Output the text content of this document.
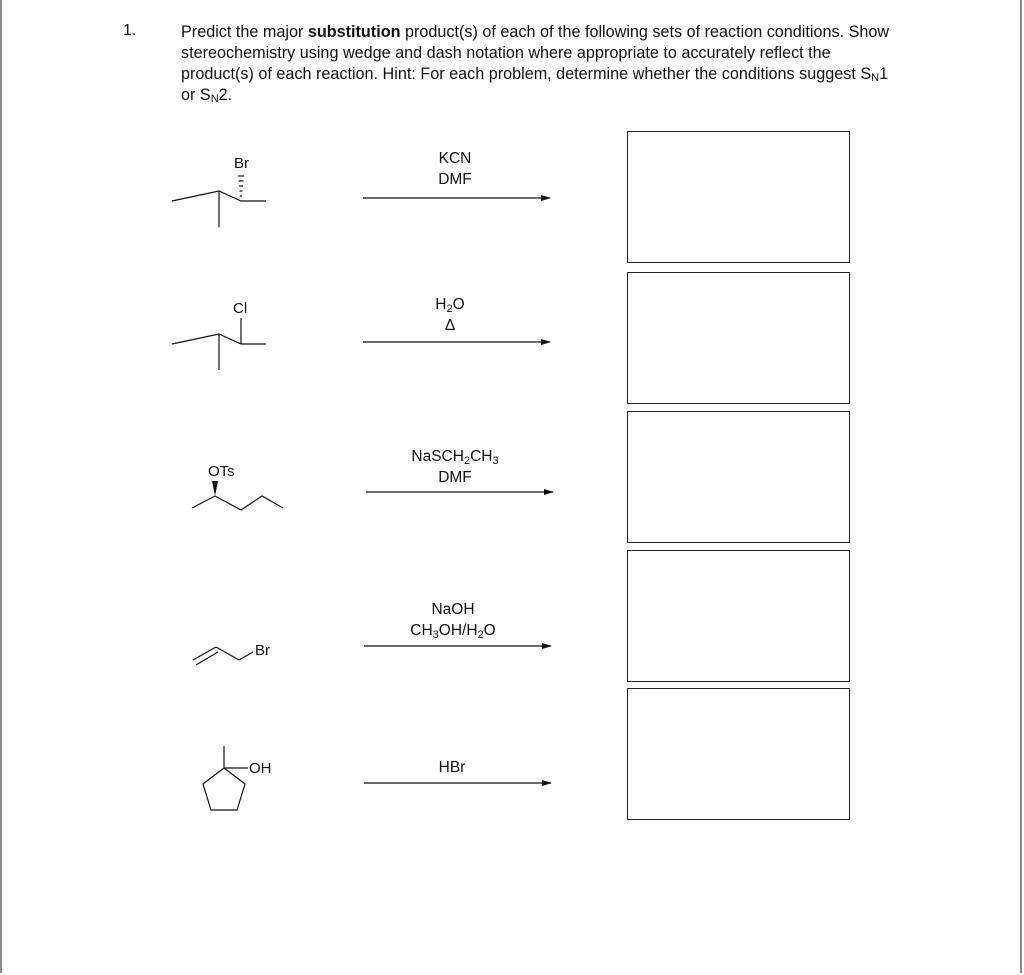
1.	Predict the major substitution product(s) of each of the following sets of reaction conditions. Show stereochemistry using wedge and dash notation where appropriate to accurately reflect the product(s) of each reaction. Hint: For each problem, determine whether the conditions suggest $S_N1$ or $S_N2$.

KCN
DMF
$H_2O$
Δ
$NaSCH_2CH_3$
DMF
NaOH
$CH_3OH/H_2O$
HBr
Br
Cl
OTs
Br
OH
